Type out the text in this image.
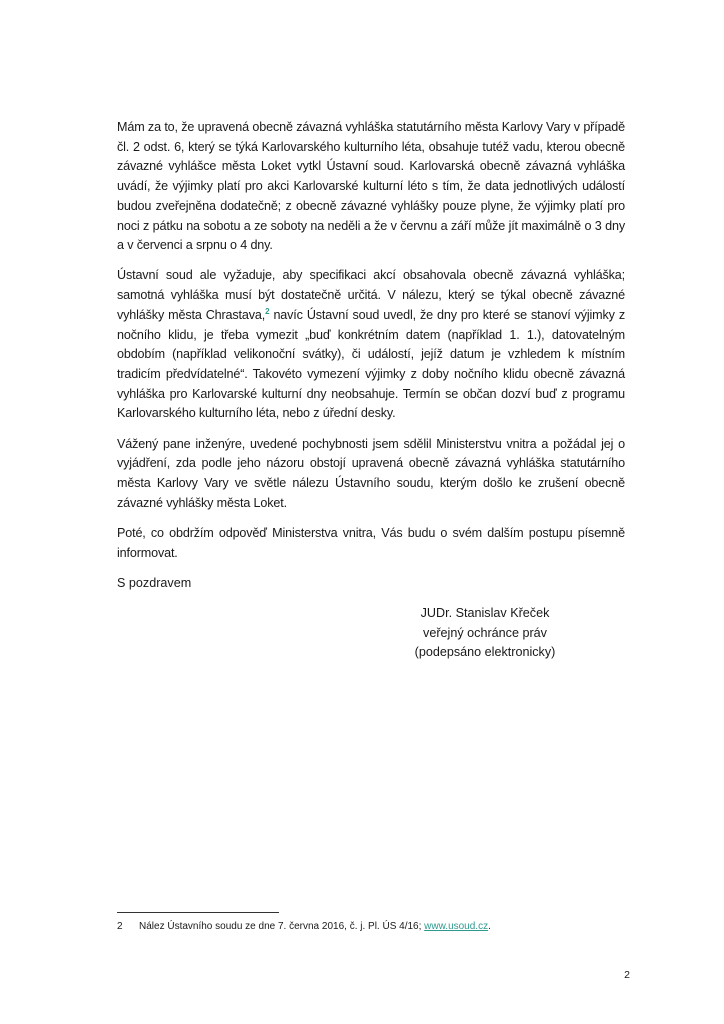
Mám za to, že upravená obecně závazná vyhláška statutárního města Karlovy Vary v případě čl. 2 odst. 6, který se týká Karlovarského kulturního léta, obsahuje tutéž vadu, kterou obecně závazné vyhlášce města Loket vytkl Ústavní soud. Karlovarská obecně závazná vyhláška uvádí, že výjimky platí pro akci Karlovarské kulturní léto s tím, že data jednotlivých událostí budou zveřejněna dodatečně; z obecně závazné vyhlášky pouze plyne, že výjimky platí pro noci z pátku na sobotu a ze soboty na neděli a že v červnu a září může jít maximálně o 3 dny a v červenci a srpnu o 4 dny.

Ústavní soud ale vyžaduje, aby specifikaci akcí obsahovala obecně závazná vyhláška; samotná vyhláška musí být dostatečně určitá. V nálezu, který se týkal obecně závazné vyhlášky města Chrastava,$^2$ navíc Ústavní soud uvedl, že dny pro které se stanoví výjimky z nočního klidu, je třeba vymezit „buď konkrétním datem (například 1. 1.), datovatelným obdobím (například velikonoční svátky), či událostí, jejíž datum je vzhledem k místním tradicím předvídatelné“. Takovéto vymezení výjimky z doby nočního klidu obecně závazná vyhláška pro Karlovarské kulturní dny neobsahuje. Termín se občan dozví buď z programu Karlovarského kulturního léta, nebo z úřední desky.

Vážený pane inženýre, uvedené pochybnosti jsem sdělil Ministerstvu vnitra a požádal jej o vyjádření, zda podle jeho názoru obstojí upravená obecně závazná vyhláška statutárního města Karlovy Vary ve světle nálezu Ústavního soudu, kterým došlo ke zrušení obecně závazné vyhlášky města Loket.

Poté, co obdržím odpověď Ministerstva vnitra, Vás budu o svém dalším postupu písemně informovat.

S pozdravem

JUDr. Stanislav Křeček
veřejný ochránce práv
(podepsáno elektronicky)
2 Nález Ústavního soudu ze dne 7. června 2016, č. j. Pl. ÚS 4/16; www.usoud.cz.
2
